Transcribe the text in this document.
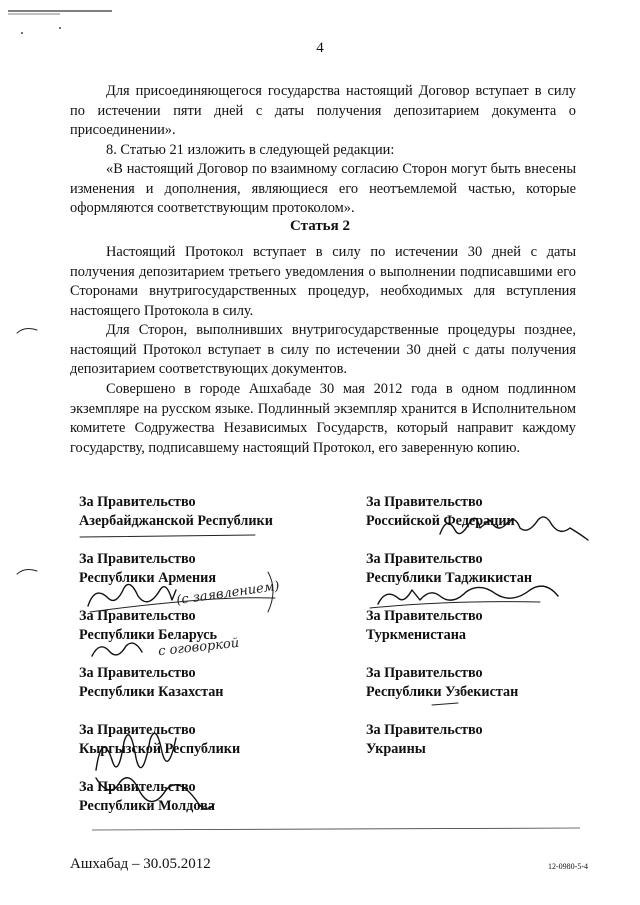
4
Для присоединяющегося государства настоящий Договор вступает в силу по истечении пяти дней с даты получения депозитарием документа о присоединении».
8. Статью 21 изложить в следующей редакции:
«В настоящий Договор по взаимному согласию Сторон могут быть внесены изменения и дополнения, являющиеся его неотъемлемой частью, которые оформляются соответствующим протоколом».
Статья 2
Настоящий Протокол вступает в силу по истечении 30 дней с даты получения депозитарием третьего уведомления о выполнении подписавшими его Сторонами внутригосударственных процедур, необходимых для вступления настоящего Протокола в силу.
Для Сторон, выполнивших внутригосударственные процедуры позднее, настоящий Протокол вступает в силу по истечении 30 дней с даты получения депозитарием соответствующих документов.
Совершено в городе Ашхабаде 30 мая 2012 года в одном подлинном экземпляре на русском языке. Подлинный экземпляр хранится в Исполнительном комитете Содружества Независимых Государств, который направит каждому государству, подписавшему настоящий Протокол, его заверенную копию.
За Правительство
Азербайджанской Республики
За Правительство
Республики Армения
За Правительство
Республики Беларусь
За Правительство
Республики Казахстан
За Правительство
Кыргызской Республики
За Правительство
Республики Молдова
За Правительство
Российской Федерации
За Правительство
Республики Таджикистан
За Правительство
Туркменистана
За Правительство
Республики Узбекистан
За Правительство
Украины
(с заявлением)
с оговоркой
Ашхабад – 30.05.2012	12-0980-5-4
